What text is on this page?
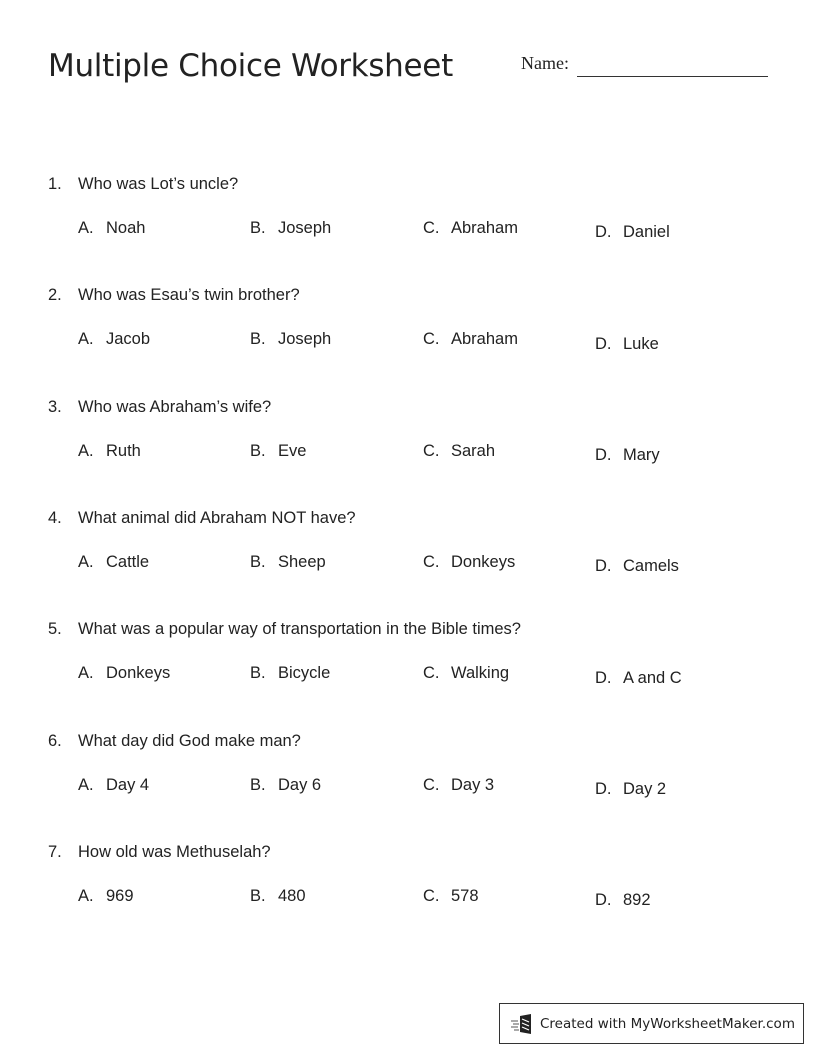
Multiple Choice Worksheet	Name:
1. Who was Lot’s uncle?
A. Noah	B. Joseph	C. Abraham	D. Daniel
2. Who was Esau’s twin brother?
A. Jacob	B. Joseph	C. Abraham	D. Luke
3. Who was Abraham’s wife?
A. Ruth	B. Eve	C. Sarah	D. Mary
4. What animal did Abraham NOT have?
A. Cattle	B. Sheep	C. Donkeys	D. Camels
5. What was a popular way of transportation in the Bible times?
A. Donkeys	B. Bicycle	C. Walking	D. A and C
6. What day did God make man?
A. Day 4	B. Day 6	C. Day 3	D. Day 2
7. How old was Methuselah?
A. 969	B. 480	C. 578	D. 892
Created with MyWorksheetMaker.com
